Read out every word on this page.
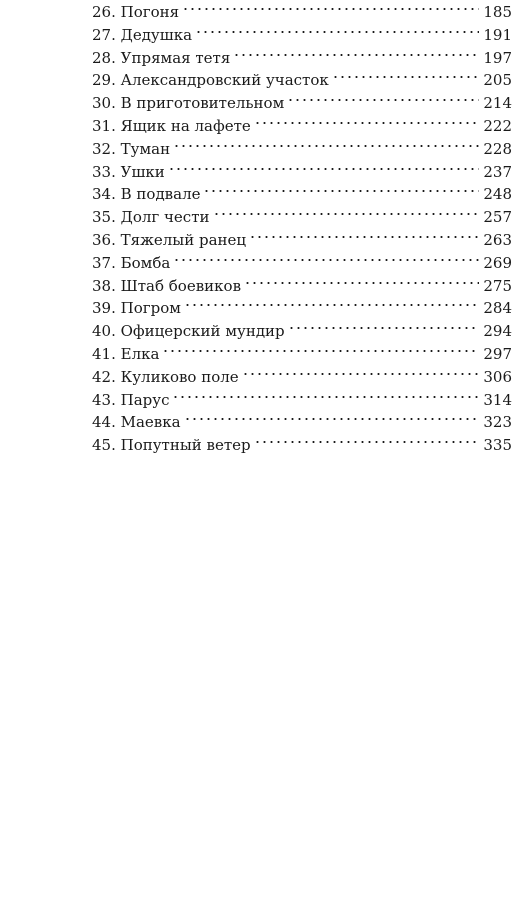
26. Погоня	185
27. Дедушка	191
28. Упрямая тетя	197
29. Александровский участок	205
30. В приготовительном	214
31. Ящик на лафете	222
32. Туман	228
33. Ушки	237
34. В подвале	248
35. Долг чести	257
36. Тяжелый ранец	263
37. Бомба	269
38. Штаб боевиков	275
39. Погром	284
40. Офицерский мундир	294
41. Елка	297
42. Куликово поле	306
43. Парус	314
44. Маевка	323
45. Попутный ветер	335
